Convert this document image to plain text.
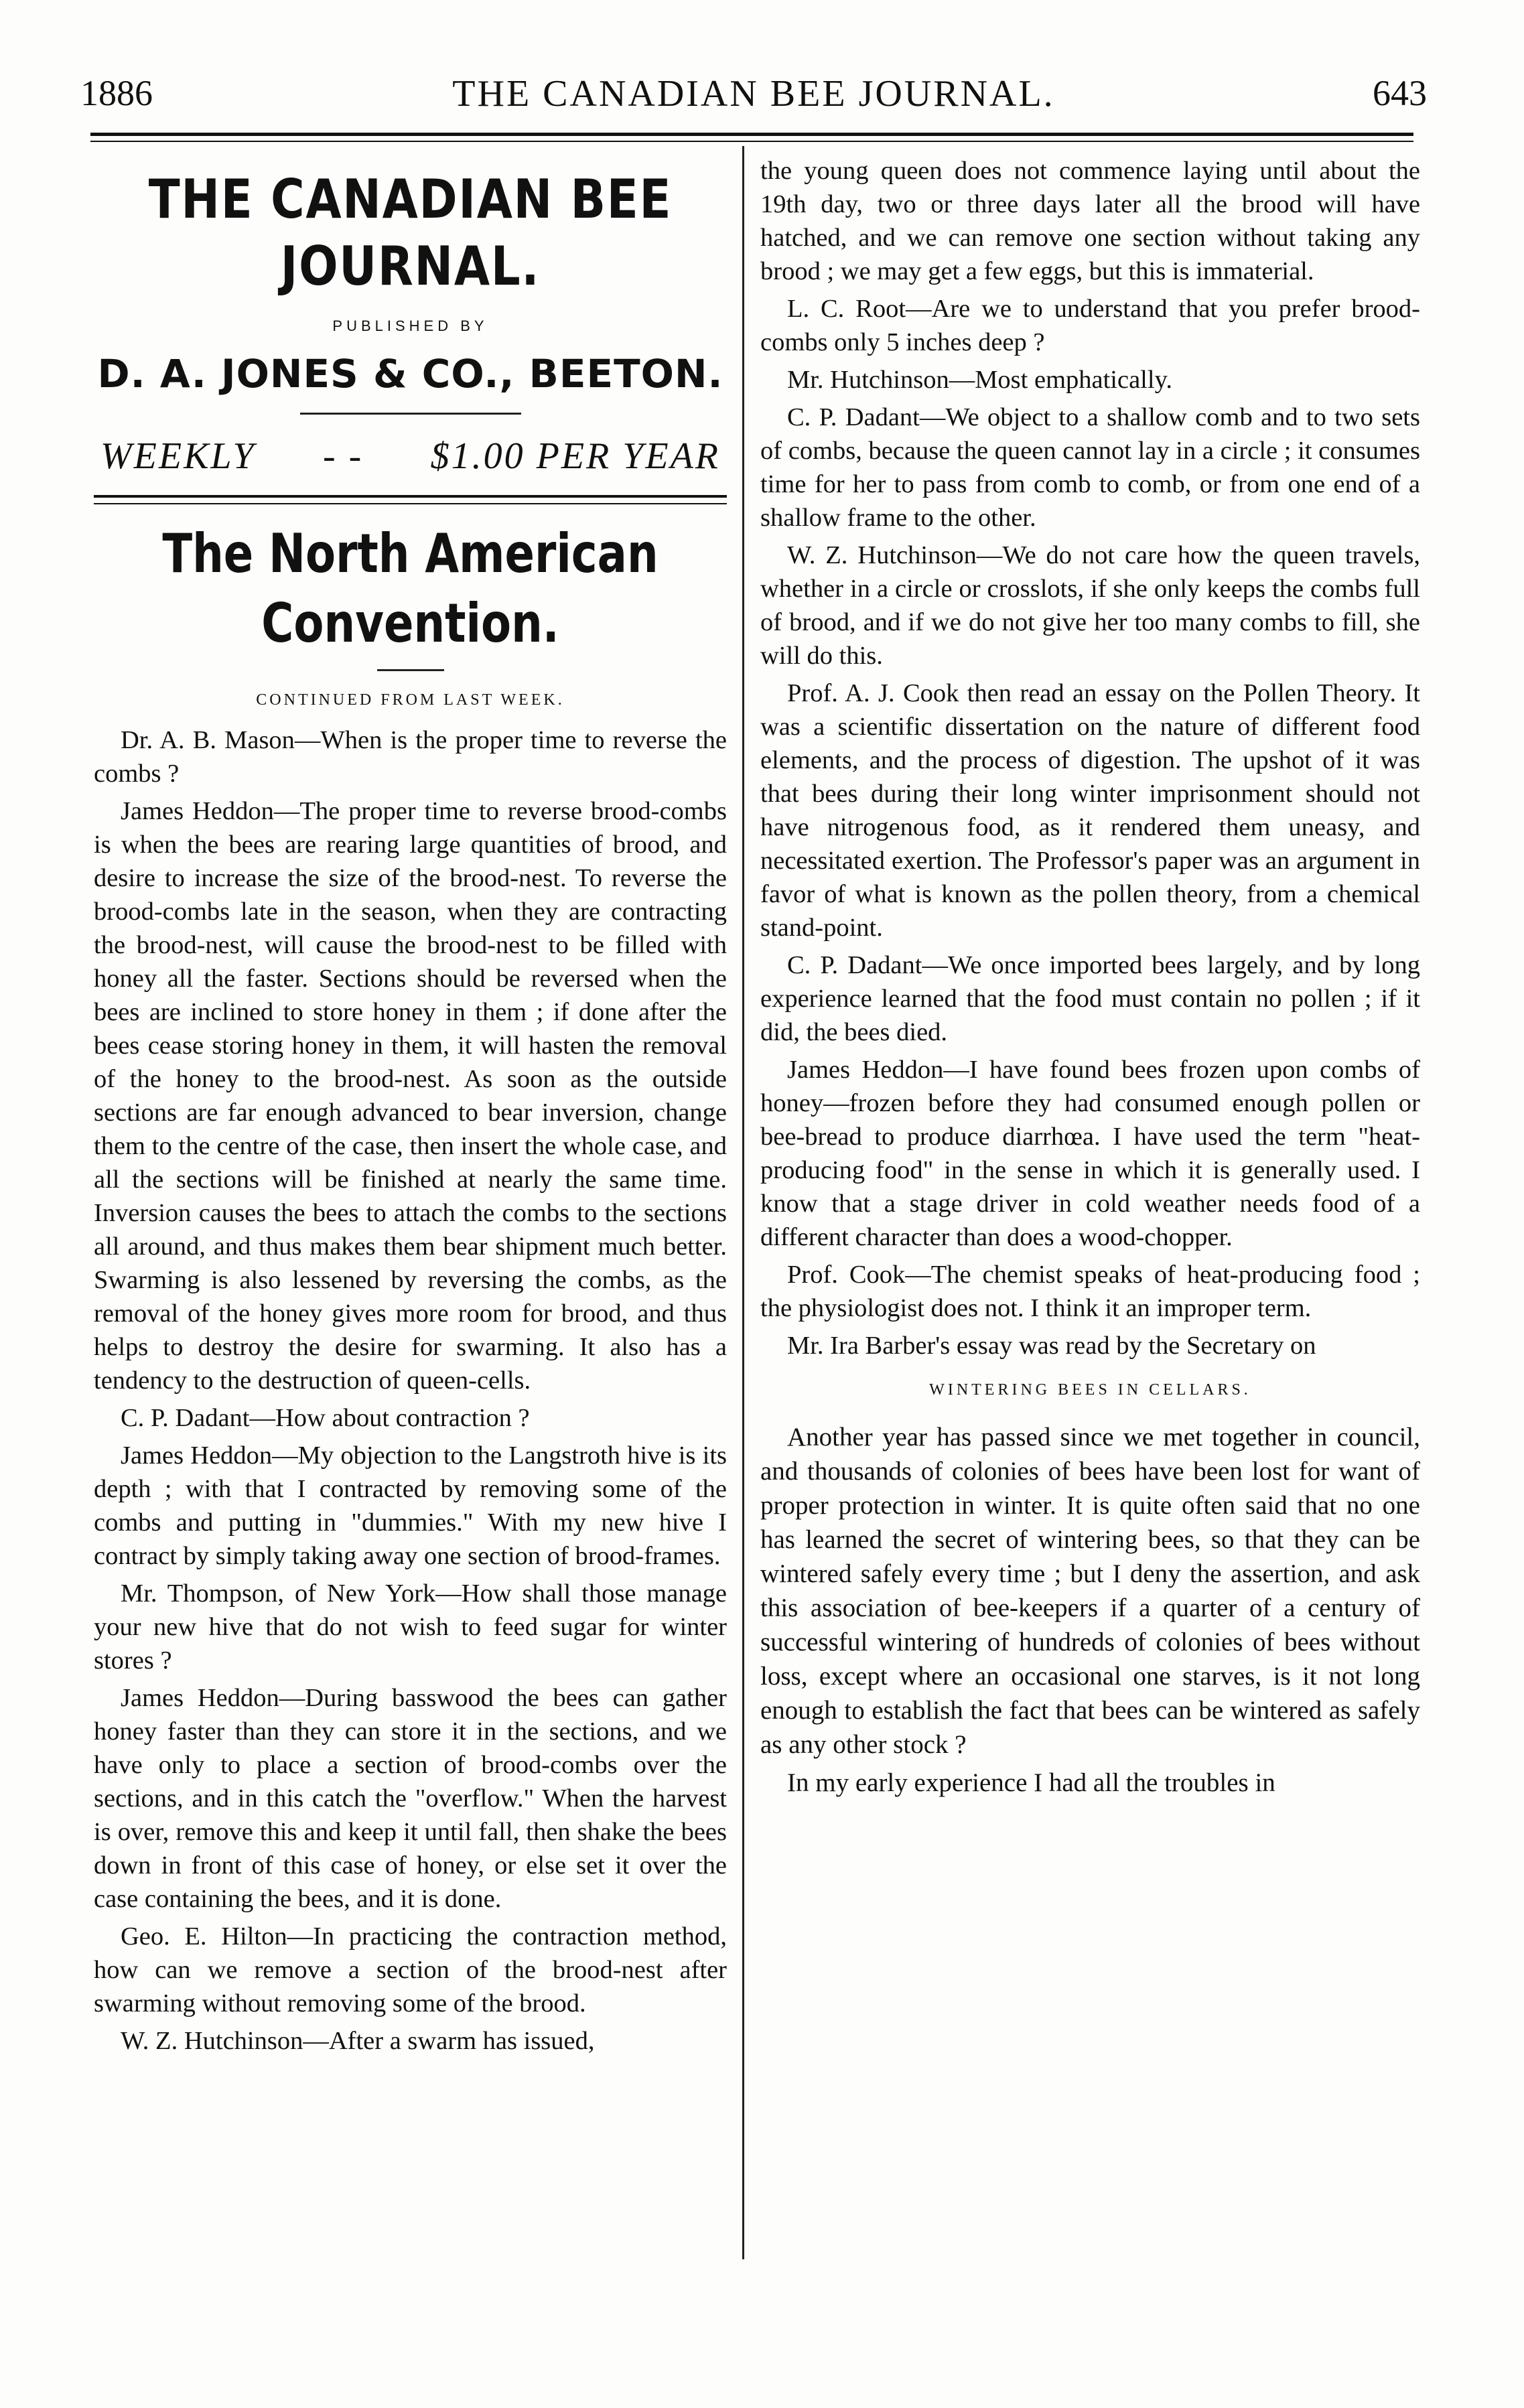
1886	THE CANADIAN BEE JOURNAL.	643
THE CANADIAN BEE JOURNAL.
PUBLISHED BY
D. A. JONES & CO., BEETON.
WEEKLY - - $1.00 PER YEAR
The North American Convention.
CONTINUED FROM LAST WEEK.

Dr. A. B. Mason—When is the proper time to reverse the combs ?

James Heddon—The proper time to reverse brood-combs is when the bees are rearing large quantities of brood, and desire to increase the size of the brood-nest. To reverse the brood-combs late in the season, when they are contracting the brood-nest, will cause the brood-nest to be filled with honey all the faster. Sections should be reversed when the bees are inclined to store honey in them ; if done after the bees cease storing honey in them, it will hasten the removal of the honey to the brood-nest. As soon as the outside sections are far enough advanced to bear inversion, change them to the centre of the case, then insert the whole case, and all the sections will be finished at nearly the same time. Inversion causes the bees to attach the combs to the sections all around, and thus makes them bear shipment much better. Swarming is also lessened by reversing the combs, as the removal of the honey gives more room for brood, and thus helps to destroy the desire for swarming. It also has a tendency to the destruction of queen-cells.

C. P. Dadant—How about contraction ?

James Heddon—My objection to the Langstroth hive is its depth ; with that I contracted by removing some of the combs and putting in "dummies." With my new hive I contract by simply taking away one section of brood-frames.

Mr. Thompson, of New York—How shall those manage your new hive that do not wish to feed sugar for winter stores ?

James Heddon—During basswood the bees can gather honey faster than they can store it in the sections, and we have only to place a section of brood-combs over the sections, and in this catch the "overflow." When the harvest is over, remove this and keep it until fall, then shake the bees down in front of this case of honey, or else set it over the case containing the bees, and it is done.

Geo. E. Hilton—In practicing the contraction method, how can we remove a section of the brood-nest after swarming without removing some of the brood.

W. Z. Hutchinson—After a swarm has issued,

the young queen does not commence laying until about the 19th day, two or three days later all the brood will have hatched, and we can remove one section without taking any brood ; we may get a few eggs, but this is immaterial.

L. C. Root—Are we to understand that you prefer brood-combs only 5 inches deep ?

Mr. Hutchinson—Most emphatically.

C. P. Dadant—We object to a shallow comb and to two sets of combs, because the queen cannot lay in a circle ; it consumes time for her to pass from comb to comb, or from one end of a shallow frame to the other.

W. Z. Hutchinson—We do not care how the queen travels, whether in a circle or crosslots, if she only keeps the combs full of brood, and if we do not give her too many combs to fill, she will do this.

Prof. A. J. Cook then read an essay on the Pollen Theory. It was a scientific dissertation on the nature of different food elements, and the process of digestion. The upshot of it was that bees during their long winter imprisonment should not have nitrogenous food, as it rendered them uneasy, and necessitated exertion. The Professor's paper was an argument in favor of what is known as the pollen theory, from a chemical stand-point.

C. P. Dadant—We once imported bees largely, and by long experience learned that the food must contain no pollen ; if it did, the bees died.

James Heddon—I have found bees frozen upon combs of honey—frozen before they had consumed enough pollen or bee-bread to produce diarrhœa. I have used the term "heat-producing food" in the sense in which it is generally used. I know that a stage driver in cold weather needs food of a different character than does a wood-chopper.

Prof. Cook—The chemist speaks of heat-producing food ; the physiologist does not. I think it an improper term.

Mr. Ira Barber's essay was read by the Secretary on

WINTERING BEES IN CELLARS.

Another year has passed since we met together in council, and thousands of colonies of bees have been lost for want of proper protection in winter. It is quite often said that no one has learned the secret of wintering bees, so that they can be wintered safely every time ; but I deny the assertion, and ask this association of bee-keepers if a quarter of a century of successful wintering of hundreds of colonies of bees without loss, except where an occasional one starves, is it not long enough to establish the fact that bees can be wintered as safely as any other stock ?

In my early experience I had all the troubles in
